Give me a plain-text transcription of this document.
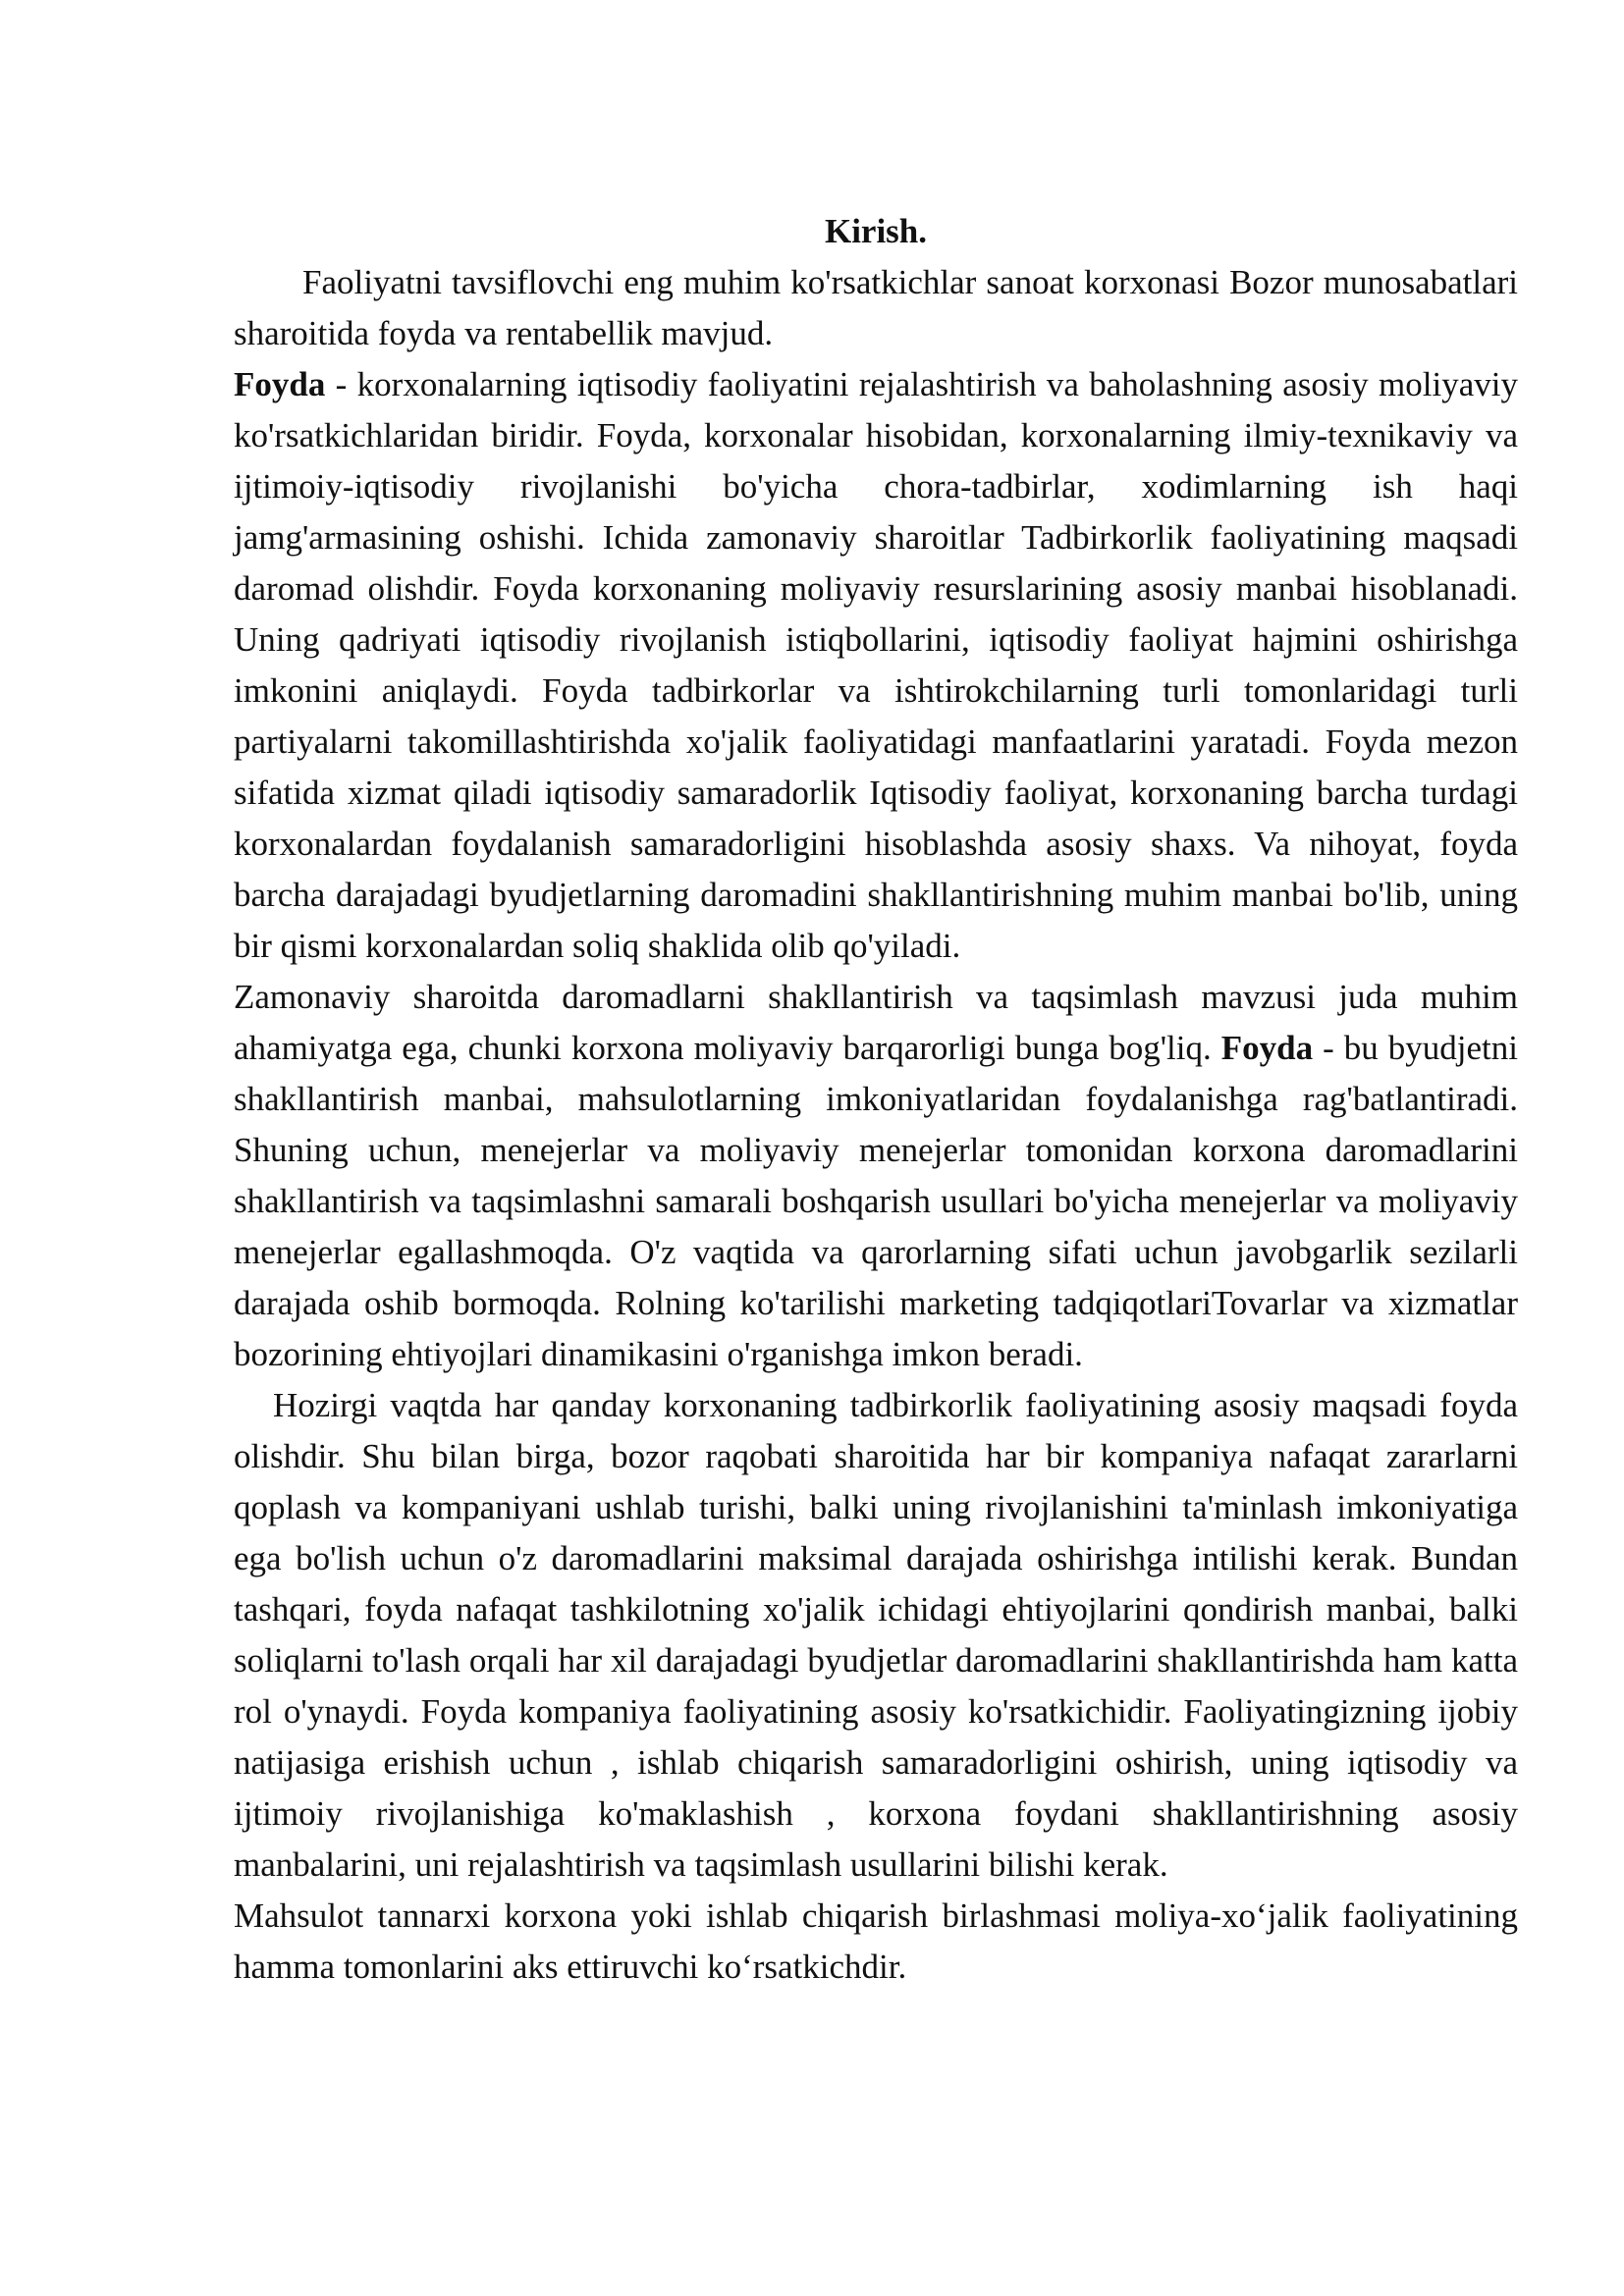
Kirish.

Faoliyatni tavsiflovchi eng muhim ko'rsatkichlar sanoat korxonasi Bozor munosabatlari sharoitida foyda va rentabellik mavjud.

Foyda - korxonalarning iqtisodiy faoliyatini rejalashtirish va baholashning asosiy moliyaviy ko'rsatkichlaridan biridir. Foyda, korxonalar hisobidan, korxonalarning ilmiy-texnikaviy va ijtimoiy-iqtisodiy rivojlanishi bo'yicha chora-tadbirlar, xodimlarning ish haqi jamg'armasining oshishi. Ichida zamonaviy sharoitlar Tadbirkorlik faoliyatining maqsadi daromad olishdir. Foyda korxonaning moliyaviy resurslarining asosiy manbai hisoblanadi. Uning qadriyati iqtisodiy rivojlanish istiqbollarini, iqtisodiy faoliyat hajmini oshirishga imkonini aniqlaydi. Foyda tadbirkorlar va ishtirokchilarning turli tomonlaridagi turli partiyalarni takomillashtirishda xo'jalik faoliyatidagi manfaatlarini yaratadi. Foyda mezon sifatida xizmat qiladi iqtisodiy samaradorlik Iqtisodiy faoliyat, korxonaning barcha turdagi korxonalardan foydalanish samaradorligini hisoblashda asosiy shaxs. Va nihoyat, foyda barcha darajadagi byudjetlarning daromadini shakllantirishning muhim manbai bo'lib, uning bir qismi korxonalardan soliq shaklida olib qo'yiladi.

Zamonaviy sharoitda daromadlarni shakllantirish va taqsimlash mavzusi juda muhim ahamiyatga ega, chunki korxona moliyaviy barqarorligi bunga bog'liq. Foyda - bu byudjetni shakllantirish manbai, mahsulotlarning imkoniyatlaridan foydalanishga rag'batlantiradi. Shuning uchun, menejerlar va moliyaviy menejerlar tomonidan korxona daromadlarini shakllantirish va taqsimlashni samarali boshqarish usullari bo'yicha menejerlar va moliyaviy menejerlar egallashmoqda. O'z vaqtida va qarorlarning sifati uchun javobgarlik sezilarli darajada oshib bormoqda. Rolning ko'tarilishi marketing tadqiqotlariTovarlar va xizmatlar bozorining ehtiyojlari dinamikasini o'rganishga imkon beradi.

Hozirgi vaqtda har qanday korxonaning tadbirkorlik faoliyatining asosiy maqsadi foyda olishdir. Shu bilan birga, bozor raqobati sharoitida har bir kompaniya nafaqat zararlarni qoplash va kompaniyani ushlab turishi, balki uning rivojlanishini ta'minlash imkoniyatiga ega bo'lish uchun o'z daromadlarini maksimal darajada oshirishga intilishi kerak. Bundan tashqari, foyda nafaqat tashkilotning xo'jalik ichidagi ehtiyojlarini qondirish manbai, balki soliqlarni to'lash orqali har xil darajadagi byudjetlar daromadlarini shakllantirishda ham katta rol o'ynaydi. Foyda kompaniya faoliyatining asosiy ko'rsatkichidir. Faoliyatingizning ijobiy natijasiga erishish uchun , ishlab chiqarish samaradorligini oshirish, uning iqtisodiy va ijtimoiy rivojlanishiga ko'maklashish , korxona foydani shakllantirishning asosiy manbalarini, uni rejalashtirish va taqsimlash usullarini bilishi kerak.

Mahsulot tannarxi korxona yoki ishlab chiqarish birlashmasi moliya-xo‘jalik faoliyatining hamma tomonlarini aks ettiruvchi ko‘rsatkichdir.
